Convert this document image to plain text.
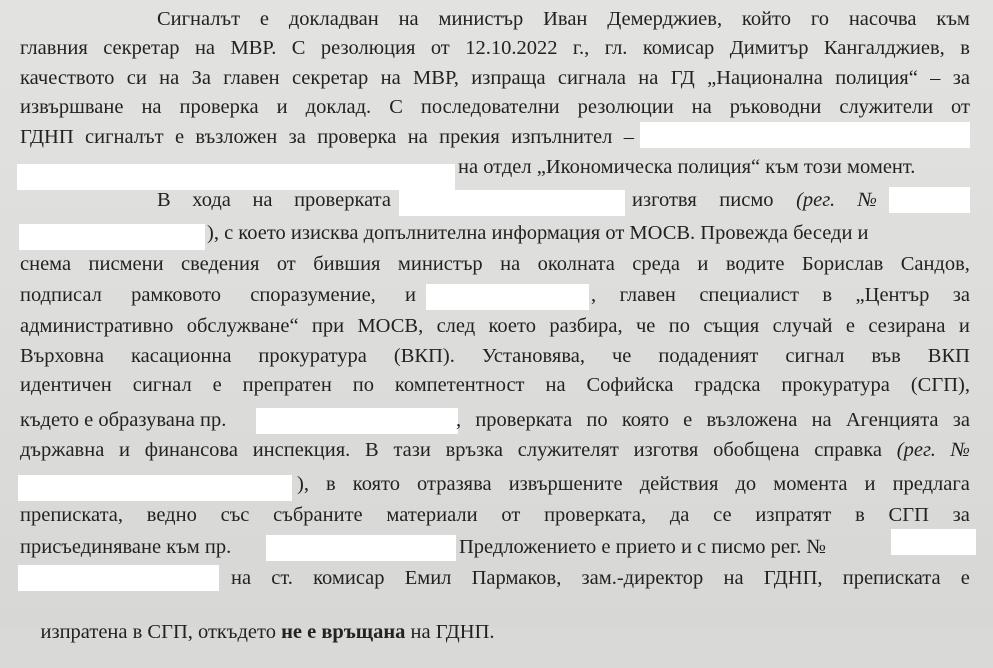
Сигналът е докладван на министър Иван Демерджиев, който го насочва към
главния секретар на МВР. С резолюция от 12.10.2022 г., гл. комисар Димитър Кангалджиев, в
качеството си на За главен секретар на МВР, изпраща сигнала на ГД „Национална полиция“ – за
извършване на проверка и доклад. С последователни резолюции на ръководни служители от
ГДНП сигналът е възложен за проверка на прекия изпълнител –
на отдел „Икономическа полиция“ към този момент.
В хода на проверката	изготвя писмо (рег. №
), с което изисква допълнителна информация от МОСВ. Провежда беседи и
снема писмени сведения от бившия министър на околната среда и водите Борислав Сандов,
подписал рамковото споразумение, и	, главен специалист в „Център за
административно обслужване“ при МОСВ, след което разбира, че по същия случай е сезирана и
Върховна касационна прокуратура (ВКП). Установява, че подаденият сигнал във ВКП
идентичен сигнал е препратен по компетентност на Софийска градска прокуратура (СГП),
където е образувана пр.	, проверката по която е възложена на Агенцията за
държавна и финансова инспекция. В тази връзка служителят изготвя обобщена справка (рег. №
), в която отразява извършените действия до момента и предлага
преписката, ведно със събраните материали от проверката, да се изпратят в СГП за
присъединяване към пр.	Предложението е прието и с писмо рег. №
на ст. комисар Емил Пармаков, зам.-директор на ГДНП, преписката е

изпратена в СГП, откъдето не е връщана на ГДНП.
